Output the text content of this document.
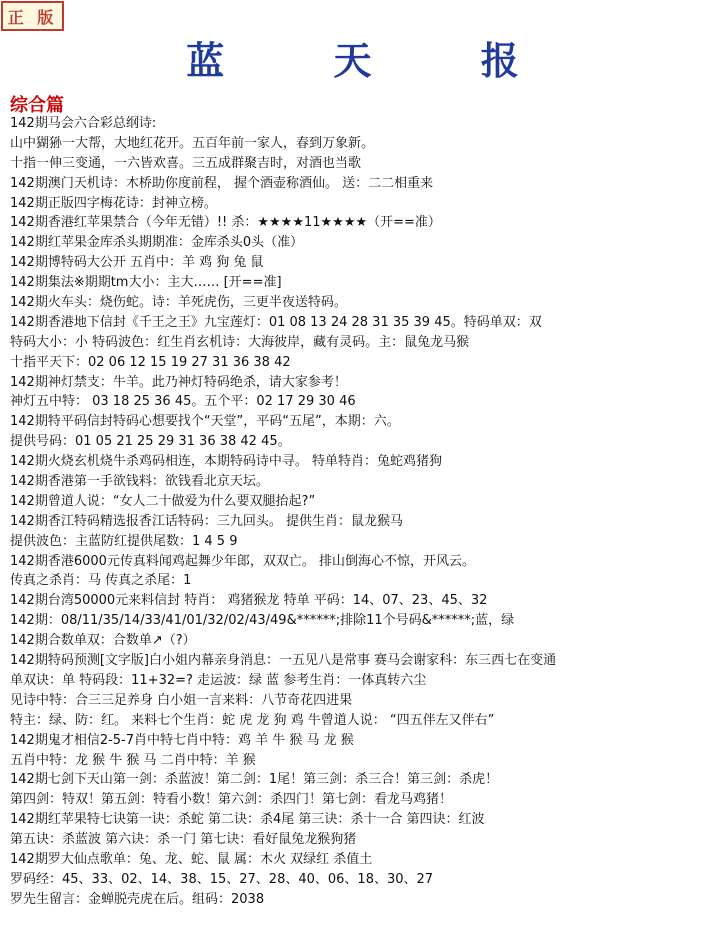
正 版
蓝 天 报
综合篇
142期马会六合彩总纲诗:
山中猢狲一大帮，大地红花开。五百年前一家人，春到万象新。
十指一伸三变通，一六皆欢喜。三五成群聚吉时，对酒也当歌
142期澳门天机诗：木桥助你度前程， 握个酒壶称酒仙。 送：二二相重来
142期正版四字梅花诗：封神立榜。
142期香港红苹果禁合（今年无错）!! 杀：★★★★11★★★★（开==准）
142期红苹果金库杀头期期准：金库杀头0头（准）
142期博特码大公开 五肖中：羊 鸡 狗 兔 鼠
142期集法※期期tm大小：主大…… [开==准]
142期火车头：烧伤蛇。诗：羊死虎伤，三更半夜送特码。
142期香港地下信封《千王之王》九宝莲灯：01 08 13 24 28 31 35 39 45。特码单双：双
特码大小：小 特码波色：红生肖玄机诗：大海彼岸，藏有灵码。主：鼠兔龙马猴
十指平天下：02 06 12 15 19 27 31 36 38 42
142期神灯禁支：牛羊。此乃神灯特码绝杀，请大家参考！
神灯五中特： 03 18 25 36 45。五个平：02 17 29 30 46
142期特平码信封特码心想要找个“天堂”，平码“五尾”，本期：六。
提供号码：01 05 21 25 29 31 36 38 42 45。
142期火烧玄机烧牛杀鸡码相连，本期特码诗中寻。 特单特肖：兔蛇鸡猪狗
142期香港第一手欲钱料：欲钱看北京天坛。
142期曾道人说：“女人二十做爱为什么要双腿抬起?”
142期香江特码精选报香江话特码：三九回头。 提供生肖：鼠龙猴马
提供波色：主蓝防红提供尾数：1 4 5 9
142期香港6000元传真料闻鸡起舞少年郎，双双亡。 排山倒海心不惊，开风云。
传真之杀肖：马 传真之杀尾：1
142期台湾50000元来料信封 特肖： 鸡猪猴龙 特单 平码：14、07、23、45、32
142期：08/11/35/14/33/41/01/32/02/43/49&******;排除11个号码&******;蓝，绿
142期合数单双：合数单↗（?）
142期特码预测[文字版]白小姐内幕亲身消息：一五见八是常事 赛马会谢家科：东三西七在变通
单双诀：单 特码段：11+32=? 走运波：绿 蓝 参考生肖：一体真转六尘
见诗中特：合三三足养身 白小姐一言来料：八节奇花四进果
特主：绿、防：红。 来料七个生肖：蛇 虎 龙 狗 鸡 牛曾道人说： “四五伴左又伴右”
142期鬼才相信2-5-7肖中特七肖中特：鸡 羊 牛 猴 马 龙 猴
五肖中特：龙 猴 牛 猴 马 二肖中特：羊 猴
142期七剑下天山第一剑：杀蓝波！第二剑：1尾！第三剑：杀三合！第三剑：杀虎！
第四剑：特双！第五剑：特看小数！第六剑：杀四门！第七剑：看龙马鸡猪！
142期红苹果特七诀第一诀：杀蛇 第二诀：杀4尾 第三诀：杀十一合 第四诀：红波
第五诀：杀蓝波 第六诀：杀一门 第七诀：看好鼠兔龙猴狗猪
142期罗大仙点歌单：兔、龙、蛇、鼠 属：木火 双绿红 杀值土
罗码经：45、33、02、14、38、15、27、28、40、06、18、30、27
罗先生留言：金蝉脱壳虎在后。组码：2038
